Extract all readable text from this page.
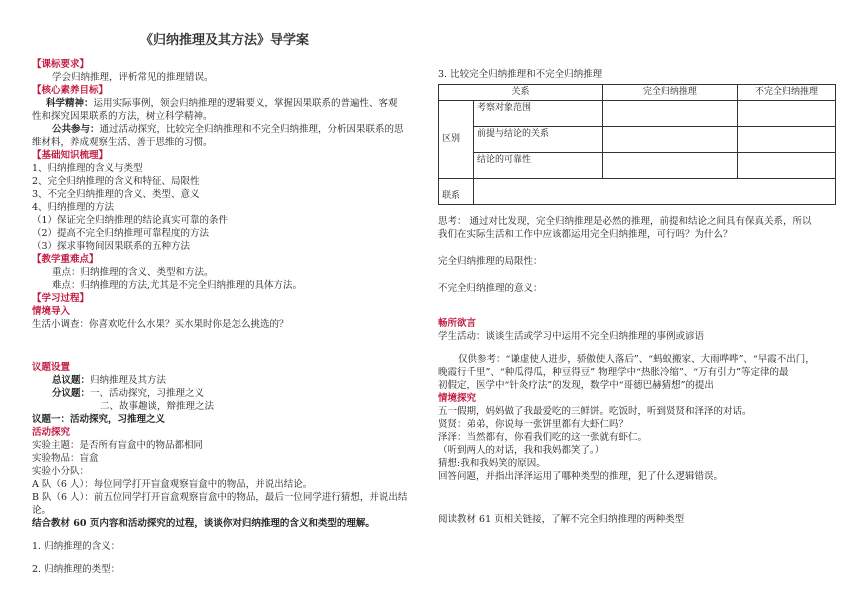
《归纳推理及其方法》导学案
【课标要求】
学会归纳推理，评析常见的推理错误。
【核心素养目标】
科学精神：运用实际事例，领会归纳推理的逻辑要义，掌握因果联系的普遍性、客观
性和探究因果联系的方法，树立科学精神。
公共参与：通过活动探究，比较完全归纳推理和不完全归纳推理，分析因果联系的思
维材料，养成观察生活、善于思维的习惯。
【基础知识梳理】
1、归纳推理的含义与类型
2、完全归纳推理的含义和特征、局限性
3、不完全归纳推理的含义、类型、意义
4、归纳推理的方法
（1）保证完全归纳推理的结论真实可靠的条件
（2）提高不完全归纳推理可靠程度的方法
（3）探求事物间因果联系的五种方法
【教学重难点】
重点：归纳推理的含义、类型和方法。
难点：归纳推理的方法,尤其是不完全归纳推理的具体方法。
【学习过程】
情境导入
生活小调查：你喜欢吃什么水果？买水果时你是怎么挑选的？
议题设置
总议题：归纳推理及其方法
分议题：一、活动探究，习推理之义
二、故事趣谈，辩推理之法
议题一：活动探究，习推理之义
活动探究
实验主题：是否所有盲盒中的物品都相同
实验物品：盲盒
实验小分队：
A 队（6 人）：每位同学打开盲盒观察盲盒中的物品，并说出结论。
B 队（6 人）：前五位同学打开盲盒观察盲盒中的物品，最后一位同学进行猜想，并说出结
论。
结合教材 60 页内容和活动探究的过程，谈谈你对归纳推理的含义和类型的理解。
1. 归纳推理的含义：
2. 归纳推理的类型：
3. 比较完全归纳推理和不完全归纳推理
关系		完全归纳推理	不完全归纳推理
区别	考察对象范围		
	前提与结论的关系		
	结论的可靠性		
联系			
思考： 通过对比发现，完全归纳推理是必然的推理，前提和结论之间具有保真关系，所以
我们在实际生活和工作中应该都运用完全归纳推理，可行吗？为什么？
完全归纳推理的局限性：
不完全归纳推理的意义：
畅所欲言
学生活动：谈谈生活或学习中运用不完全归纳推理的事例或谚语
仅供参考：“谦虚使人进步，骄傲使人落后”、“蚂蚁搬家、大雨哗哗”、“早霞不出门，
晚霞行千里”、“种瓜得瓜，种豆得豆” 物理学中“热胀冷缩”、“万有引力”等定律的最
初假定，医学中“针灸疗法”的发现，数学中“哥德巴赫猜想”的提出
情境探究
五一假期，妈妈做了我最爱吃的三鲜饼。吃饭时，听到贤贤和泽泽的对话。
贤贤：弟弟，你说每一张饼里都有大虾仁吗？
泽泽：当然都有，你看我们吃的这一张就有虾仁。
（听到两人的对话，我和我妈都笑了。）
猜想:我和我妈笑的原因。
回答问题，并指出泽泽运用了哪种类型的推理，犯了什么逻辑错误。
阅读教材 61 页相关链接，了解不完全归纳推理的两种类型
